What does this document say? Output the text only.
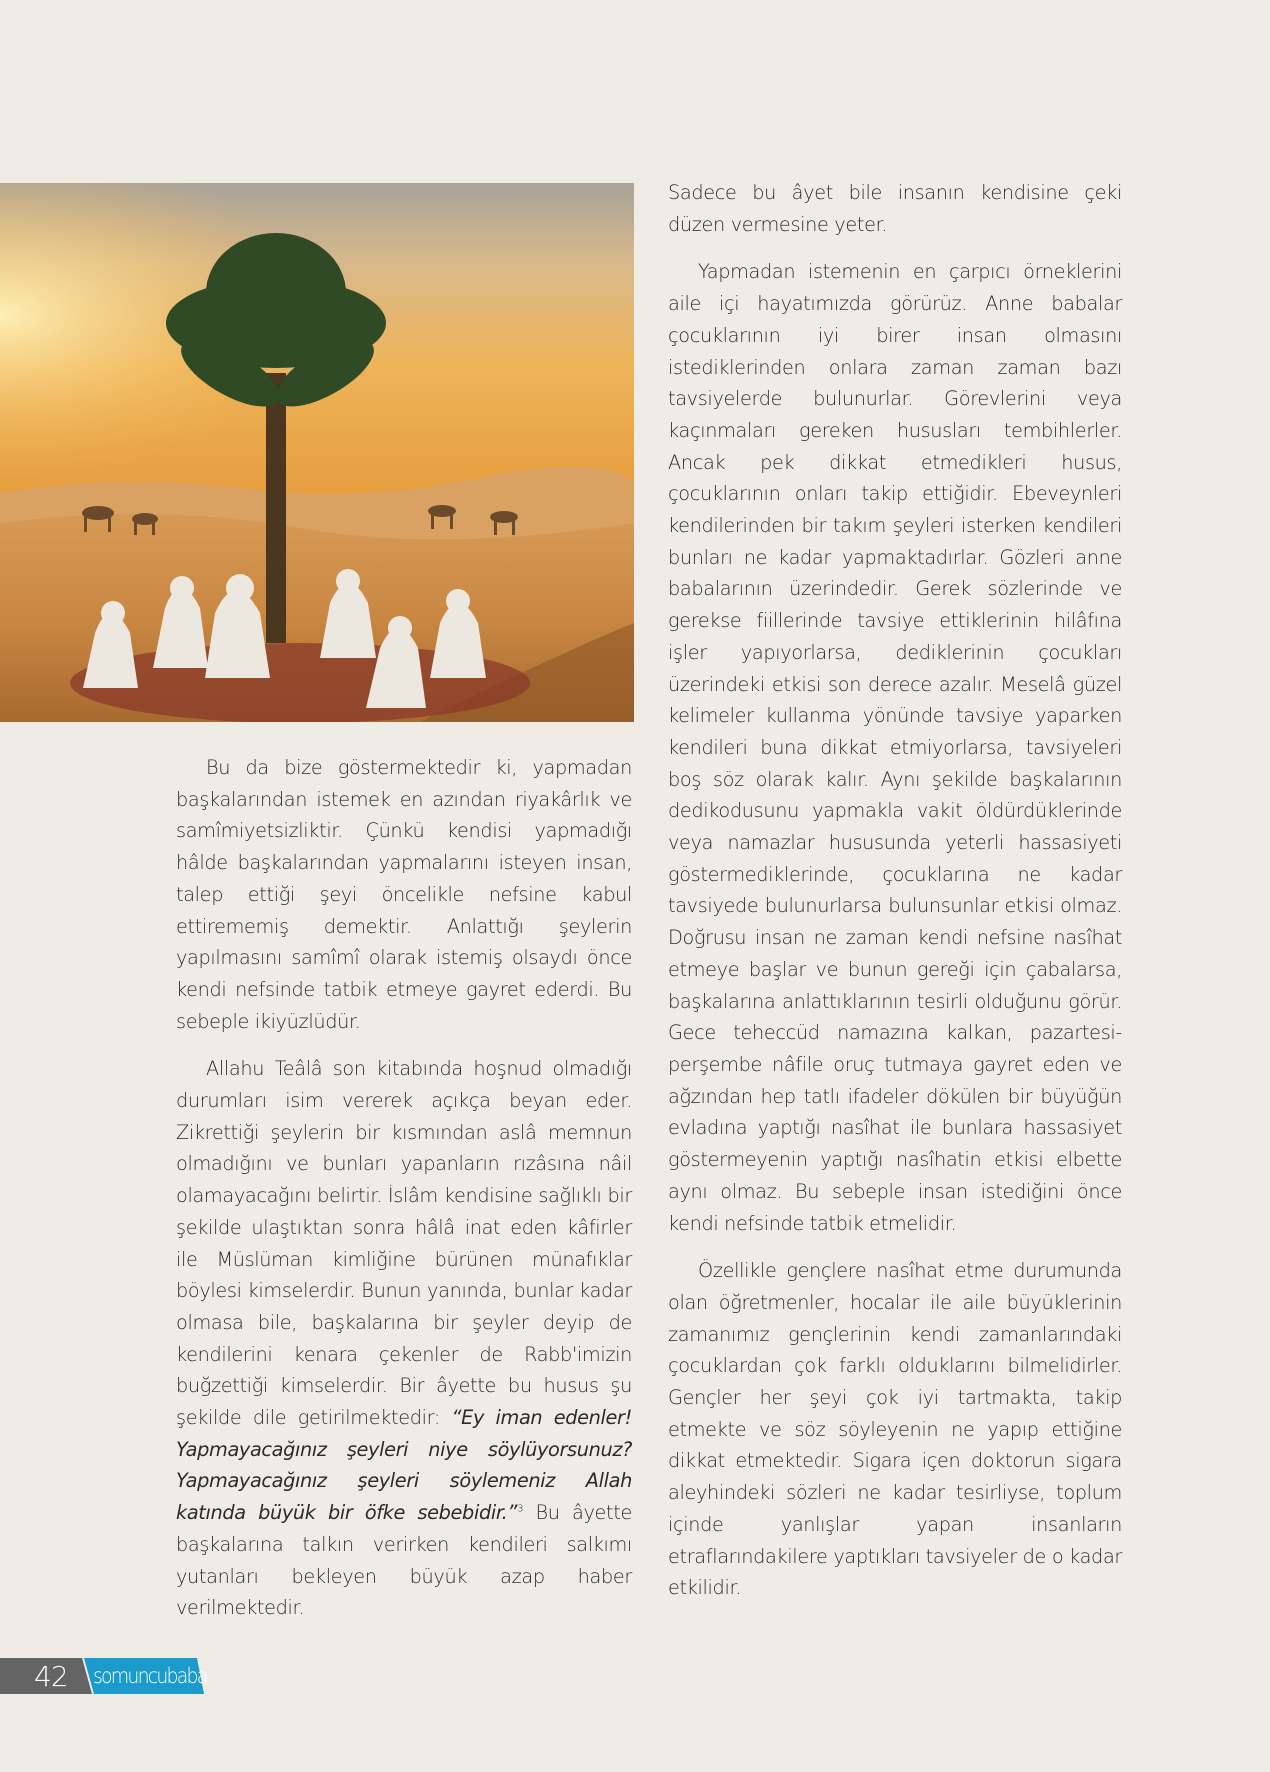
Bu da bize göstermektedir ki, yapmadan başkalarından istemek en azından riyakârlık ve samîmiyetsizliktir. Çünkü kendisi yapmadığı hâlde başkalarından yapmalarını isteyen insan, talep ettiği şeyi öncelikle nefsine kabul ettirememiş demektir. Anlattığı şeylerin yapılmasını samîmî olarak istemiş olsaydı önce kendi nefsinde tatbik etmeye gayret ederdi. Bu sebeple ikiyüzlüdür.

Allahu Teâlâ son kitabında hoşnud olmadığı durumları isim vererek açıkça beyan eder. Zikrettiği şeylerin bir kısmından aslâ memnun olmadığını ve bunları yapanların rızâsına nâil olamayacağını belirtir. İslâm kendisine sağlıklı bir şekilde ulaştıktan sonra hâlâ inat eden kâfirler ile Müslüman kimliğine bürünen münafıklar böylesi kimselerdir. Bunun yanında, bunlar kadar olmasa bile, başkalarına bir şeyler deyip de kendilerini kenara çekenler de Rabb'imizin buğzettiği kimselerdir. Bir âyette bu husus şu şekilde dile getirilmektedir: “Ey iman edenler! Yapmayacağınız şeyleri niye söylüyorsunuz? Yapmayacağınız şeyleri söylemeniz Allah katında büyük bir öfke sebebidir.”$^3$ Bu âyette başkalarına talkın verirken kendileri salkımı yutanları bekleyen büyük azap haber verilmektedir.

Sadece bu âyet bile insanın kendisine çeki düzen vermesine yeter.

Yapmadan istemenin en çarpıcı örneklerini aile içi hayatımızda görürüz. Anne babalar çocuklarının iyi birer insan olmasını istediklerinden onlara zaman zaman bazı tavsiyelerde bulunurlar. Görevlerini veya kaçınmaları gereken hususları tembihlerler. Ancak pek dikkat etmedikleri husus, çocuklarının onları takip ettiğidir. Ebeveynleri kendilerinden bir takım şeyleri isterken kendileri bunları ne kadar yapmaktadırlar. Gözleri anne babalarının üzerindedir. Gerek sözlerinde ve gerekse fiillerinde tavsiye ettiklerinin hilâfına işler yapıyorlarsa, dediklerinin çocukları üzerindeki etkisi son derece azalır. Meselâ güzel kelimeler kullanma yönünde tavsiye yaparken kendileri buna dikkat etmiyorlarsa, tavsiyeleri boş söz olarak kalır. Aynı şekilde başkalarının dedikodusunu yapmakla vakit öldürdüklerinde veya namazlar hususunda yeterli hassasiyeti göstermediklerinde, çocuklarına ne kadar tavsiyede bulunurlarsa bulunsunlar etkisi olmaz. Doğrusu insan ne zaman kendi nefsine nasîhat etmeye başlar ve bunun gereği için çabalarsa, başkalarına anlattıklarının tesirli olduğunu görür. Gece teheccüd namazına kalkan, pazartesi-perşembe nâfile oruç tutmaya gayret eden ve ağzından hep tatlı ifadeler dökülen bir büyüğün evladına yaptığı nasîhat ile bunlara hassasiyet göstermeyenin yaptığı nasîhatin etkisi elbette aynı olmaz. Bu sebeple insan istediğini önce kendi nefsinde tatbik etmelidir.

Özellikle gençlere nasîhat etme durumunda olan öğretmenler, hocalar ile aile büyüklerinin zamanımız gençlerinin kendi zamanlarındaki çocuklardan çok farklı olduklarını bilmelidirler. Gençler her şeyi çok iyi tartmakta, takip etmekte ve söz söyleyenin ne yapıp ettiğine dikkat etmektedir. Sigara içen doktorun sigara aleyhindeki sözleri ne kadar tesirliyse, toplum içinde yanlışlar yapan insanların etraflarındakilere yaptıkları tavsiyeler de o kadar etkilidir.

42 somuncubaba
